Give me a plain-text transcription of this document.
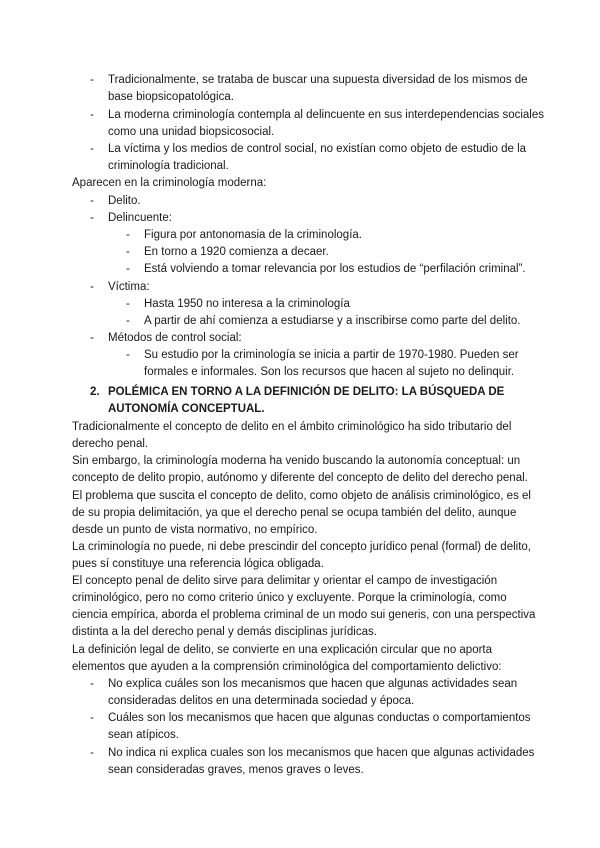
- Tradicionalmente, se trataba de buscar una supuesta diversidad de los mismos de
base biopsicopatológica.
- La moderna criminología contempla al delincuente en sus interdependencias sociales
como una unidad biopsicosocial.
- La víctima y los medios de control social, no existían como objeto de estudio de la
criminología tradicional.
Aparecen en la criminología moderna:
- Delito.
- Delincuente:
- Figura por antonomasia de la criminología.
- En torno a 1920 comienza a decaer.
- Está volviendo a tomar relevancia por los estudios de “perfilación criminal”.
- Víctima:
- Hasta 1950 no interesa a la criminología
- A partir de ahí comienza a estudiarse y a inscribirse como parte del delito.
- Métodos de control social:
- Su estudio por la criminología se inicia a partir de 1970-1980. Pueden ser
formales e informales. Son los recursos que hacen al sujeto no delinquir.
2. POLÉMICA EN TORNO A LA DEFINICIÓN DE DELITO: LA BÚSQUEDA DE
AUTONOMÍA CONCEPTUAL.
Tradicionalmente el concepto de delito en el ámbito criminológico ha sido tributario del
derecho penal.
Sin embargo, la criminología moderna ha venido buscando la autonomía conceptual: un
concepto de delito propio, autónomo y diferente del concepto de delito del derecho penal.
El problema que suscita el concepto de delito, como objeto de análisis criminológico, es el
de su propia delimitación, ya que el derecho penal se ocupa también del delito, aunque
desde un punto de vista normativo, no empírico.
La criminología no puede, ni debe prescindir del concepto jurídico penal (formal) de delito,
pues sí constituye una referencia lógica obligada.
El concepto penal de delito sirve para delimitar y orientar el campo de investigación
criminológico, pero no como criterio único y excluyente. Porque la criminología, como
ciencia empírica, aborda el problema criminal de un modo sui generis, con una perspectiva
distinta a la del derecho penal y demás disciplinas jurídicas.
La definición legal de delito, se convierte en una explicación circular que no aporta
elementos que ayuden a la comprensión criminológica del comportamiento delictivo:
- No explica cuáles son los mecanismos que hacen que algunas actividades sean
consideradas delitos en una determinada sociedad y época.
- Cuáles son los mecanismos que hacen que algunas conductas o comportamientos
sean atípicos.
- No indica ni explica cuales son los mecanismos que hacen que algunas actividades
sean consideradas graves, menos graves o leves.
